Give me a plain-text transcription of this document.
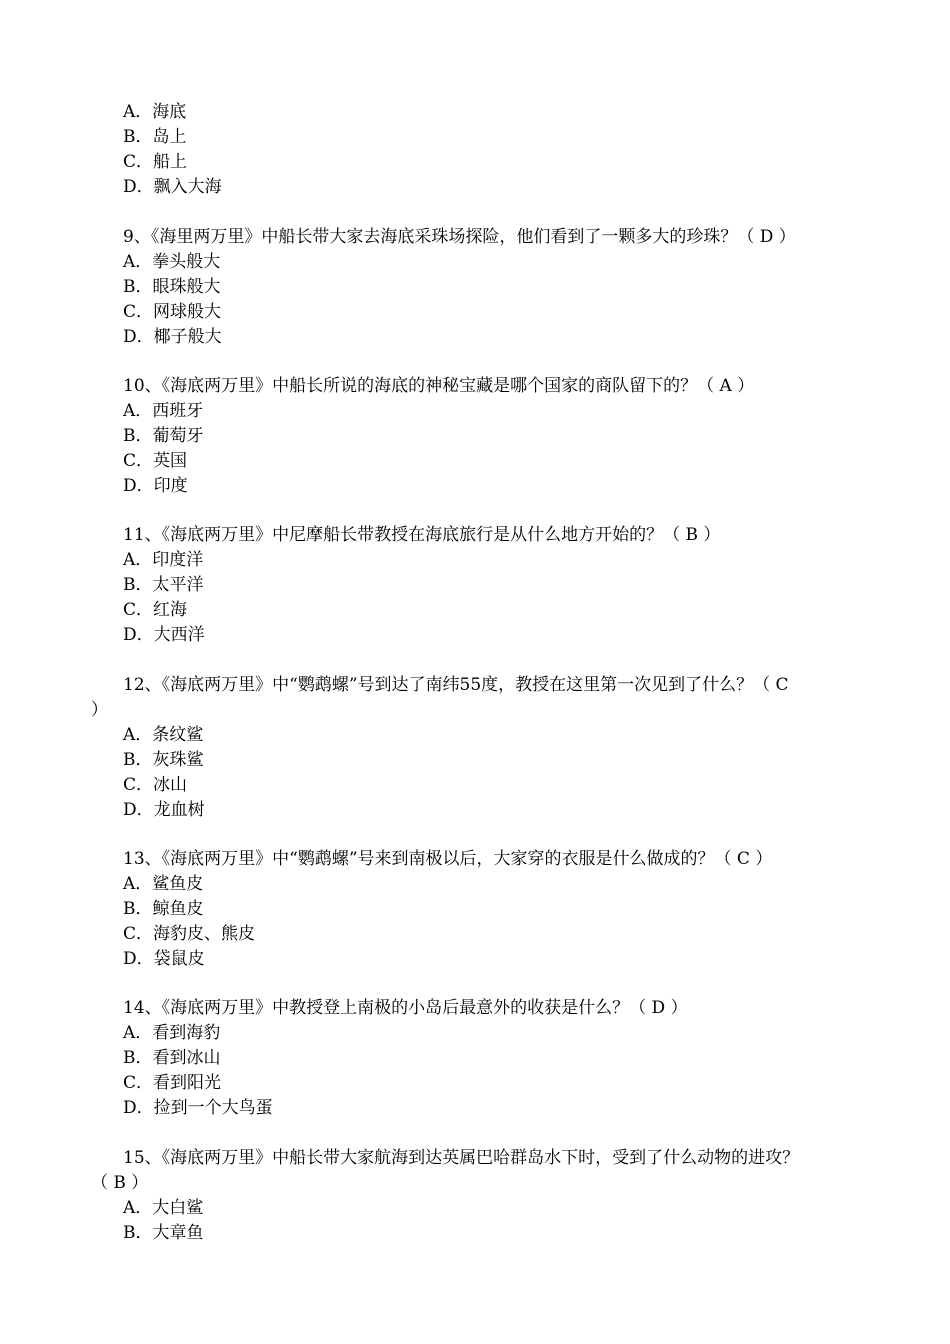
A．海底
B．岛上
C．船上
D．飘入大海
9、《海里两万里》中船长带大家去海底采珠场探险，他们看到了一颗多大的珍珠？（ D ）
A．拳头般大
B．眼珠般大
C．网球般大
D．椰子般大
10、《海底两万里》中船长所说的海底的神秘宝藏是哪个国家的商队留下的？（ A ）
A．西班牙
B．葡萄牙
C．英国
D．印度
11、《海底两万里》中尼摩船长带教授在海底旅行是从什么地方开始的？（ B ）
A．印度洋
B．太平洋
C．红海
D．大西洋
12、《海底两万里》中“鹦鹉螺”号到达了南纬55度，教授在这里第一次见到了什么？（ C
）
A．条纹鲨
B．灰珠鲨
C．冰山
D．龙血树
13、《海底两万里》中“鹦鹉螺”号来到南极以后，大家穿的衣服是什么做成的？（ C ）
A．鲨鱼皮
B．鲸鱼皮
C．海豹皮、熊皮
D．袋鼠皮
14、《海底两万里》中教授登上南极的小岛后最意外的收获是什么？（ D ）
A．看到海豹
B．看到冰山
C．看到阳光
D．捡到一个大鸟蛋
15、《海底两万里》中船长带大家航海到达英属巴哈群岛水下时，受到了什么动物的进攻？
（ B ）
A．大白鲨
B．大章鱼
